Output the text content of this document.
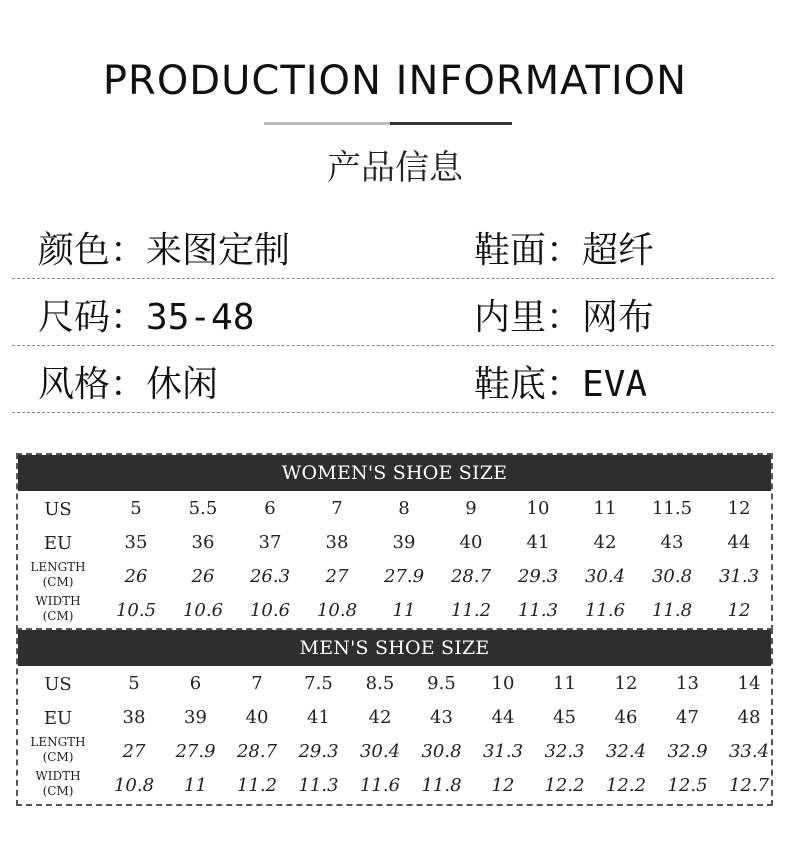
PRODUCTION INFORMATION
产品信息
颜色：来图定制	鞋面：超纤
尺码：35-48	内里：网布
风格：休闲	鞋底：EVA
WOMEN'S SHOE SIZE
US	5	5.5	6	7	8	9	10	11	11.5	12
EU	35	36	37	38	39	40	41	42	43	44
LENGTH
(CM)	26	26	26.3	27	27.9	28.7	29.3	30.4	30.8	31.3
WIDTH
(CM)	10.5	10.6	10.6	10.8	11	11.2	11.3	11.6	11.8	12
MEN'S SHOE SIZE
US	5	6	7	7.5	8.5	9.5	10	11	12	13	14
EU	38	39	40	41	42	43	44	45	46	47	48
LENGTH
(CM)	27	27.9	28.7	29.3	30.4	30.8	31.3	32.3	32.4	32.9	33.4
WIDTH
(CM)	10.8	11	11.2	11.3	11.6	11.8	12	12.2	12.2	12.5	12.7
